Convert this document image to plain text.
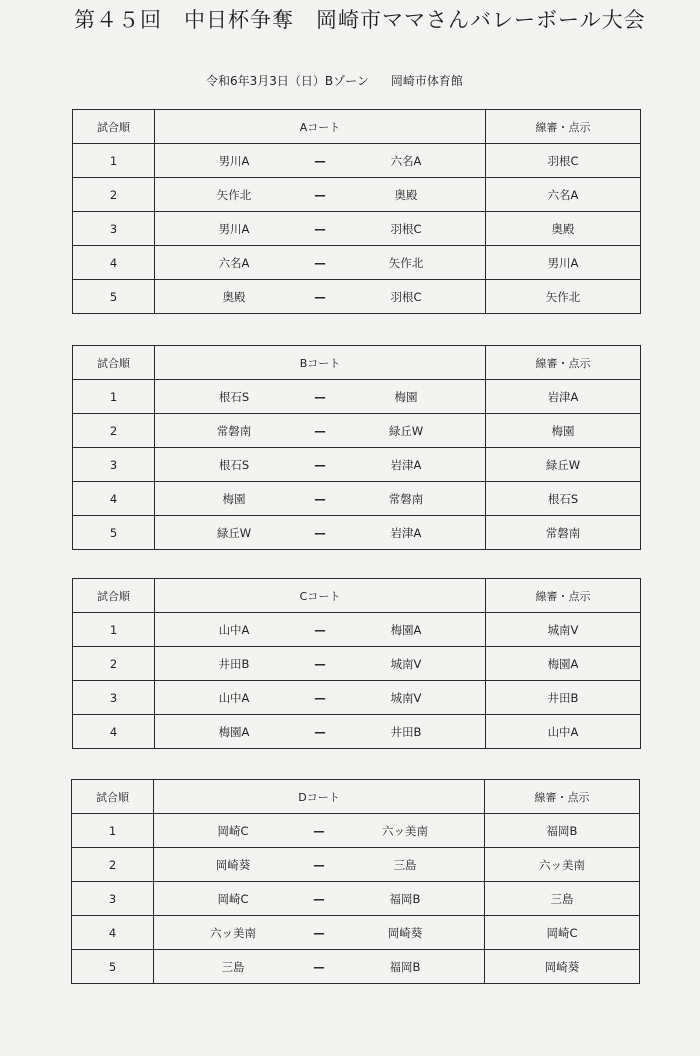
第４５回　中日杯争奪　岡崎市ママさんバレーボール大会
令和6年3月3日（日）Bゾーン 岡崎市体育館
試合順	Aコート	線審・点示
1	男川A — 六名A	羽根C
2	矢作北 — 奥殿	六名A
3	男川A — 羽根C	奥殿
4	六名A — 矢作北	男川A
5	奥殿 — 羽根C	矢作北
試合順	Bコート	線審・点示
1	根石S — 梅園	岩津A
2	常磐南 — 緑丘W	梅園
3	根石S — 岩津A	緑丘W
4	梅園 — 常磐南	根石S
5	緑丘W — 岩津A	常磐南
試合順	Cコート	線審・点示
1	山中A — 梅園A	城南V
2	井田B — 城南V	梅園A
3	山中A — 城南V	井田B
4	梅園A — 井田B	山中A
試合順	Dコート	線審・点示
1	岡崎C — 六ッ美南	福岡B
2	岡崎葵 — 三島	六ッ美南
3	岡崎C — 福岡B	三島
4	六ッ美南 — 岡崎葵	岡崎C
5	三島 — 福岡B	岡崎葵
